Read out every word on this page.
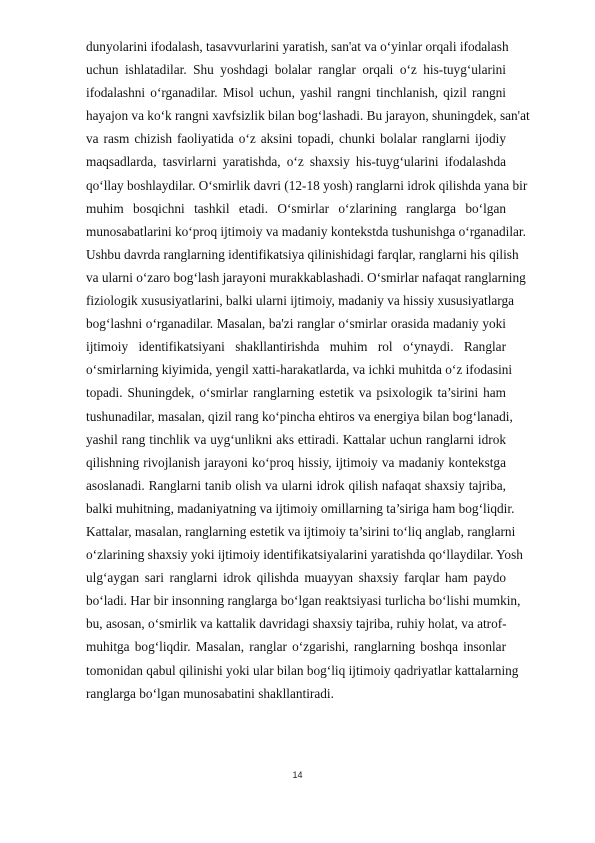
dunyolarini ifodalash, tasavvurlarini yaratish, san'at va o‘yinlar orqali ifodalash
uchun ishlatadilar. Shu yoshdagi bolalar ranglar orqali o‘z his-tuyg‘ularini
ifodalashni o‘rganadilar. Misol uchun, yashil rangni tinchlanish, qizil rangni
hayajon va ko‘k rangni xavfsizlik bilan bog‘lashadi. Bu jarayon, shuningdek, san'at
va rasm chizish faoliyatida o‘z aksini topadi, chunki bolalar ranglarni ijodiy
maqsadlarda, tasvirlarni yaratishda, o‘z shaxsiy his-tuyg‘ularini ifodalashda
qo‘llay boshlaydilar. O‘smirlik davri (12-18 yosh) ranglarni idrok qilishda yana bir
muhim bosqichni tashkil etadi. O‘smirlar o‘zlarining ranglarga bo‘lgan
munosabatlarini ko‘proq ijtimoiy va madaniy kontekstda tushunishga o‘rganadilar.
Ushbu davrda ranglarning identifikatsiya qilinishidagi farqlar, ranglarni his qilish
va ularni o‘zaro bog‘lash jarayoni murakkablashadi. O‘smirlar nafaqat ranglarning
fiziologik xususiyatlarini, balki ularni ijtimoiy, madaniy va hissiy xususiyatlarga
bog‘lashni o‘rganadilar. Masalan, ba'zi ranglar o‘smirlar orasida madaniy yoki
ijtimoiy identifikatsiyani shakllantirishda muhim rol o‘ynaydi. Ranglar
o‘smirlarning kiyimida, yengil xatti-harakatlarda, va ichki muhitda o‘z ifodasini
topadi. Shuningdek, o‘smirlar ranglarning estetik va psixologik ta’sirini ham
tushunadilar, masalan, qizil rang ko‘pincha ehtiros va energiya bilan bog‘lanadi,
yashil rang tinchlik va uyg‘unlikni aks ettiradi. Kattalar uchun ranglarni idrok
qilishning rivojlanish jarayoni ko‘proq hissiy, ijtimoiy va madaniy kontekstga
asoslanadi. Ranglarni tanib olish va ularni idrok qilish nafaqat shaxsiy tajriba,
balki muhitning, madaniyatning va ijtimoiy omillarning ta’siriga ham bog‘liqdir.
Kattalar, masalan, ranglarning estetik va ijtimoiy ta’sirini to‘liq anglab, ranglarni
o‘zlarining shaxsiy yoki ijtimoiy identifikatsiyalarini yaratishda qo‘llaydilar. Yosh
ulg‘aygan sari ranglarni idrok qilishda muayyan shaxsiy farqlar ham paydo
bo‘ladi. Har bir insonning ranglarga bo‘lgan reaktsiyasi turlicha bo‘lishi mumkin,
bu, asosan, o‘smirlik va kattalik davridagi shaxsiy tajriba, ruhiy holat, va atrof-
muhitga bog‘liqdir. Masalan, ranglar o‘zgarishi, ranglarning boshqa insonlar
tomonidan qabul qilinishi yoki ular bilan bog‘liq ijtimoiy qadriyatlar kattalarning
ranglarga bo‘lgan munosabatini shakllantiradi.
14
